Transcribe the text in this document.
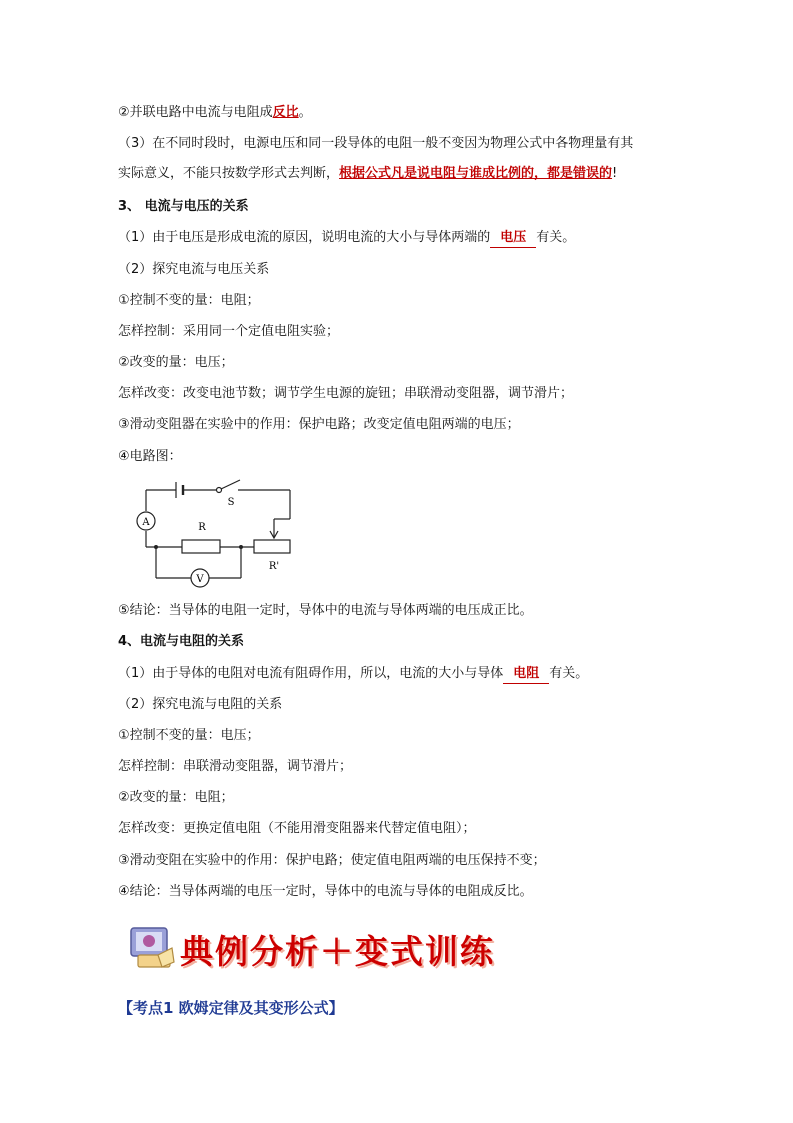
②并联电路中电流与电阻成反比。
（3）在不同时段时，电源电压和同一段导体的电阻一般不变因为物理公式中各物理量有其
实际意义，不能只按数学形式去判断，根据公式凡是说电阻与谁成比例的，都是错误的!
3、 电流与电压的关系
（1）由于电压是形成电流的原因，说明电流的大小与导体两端的 电压 有关。
（2）探究电流与电压关系
①控制不变的量：电阻；
怎样控制：采用同一个定值电阻实验；
②改变的量：电压；
怎样改变：改变电池节数；调节学生电源的旋钮；串联滑动变阻器，调节滑片；
③滑动变阻器在实验中的作用：保护电路；改变定值电阻两端的电压；
④电路图：
A
V
S
R
R'
⑤结论：当导体的电阻一定时，导体中的电流与导体两端的电压成正比。
4、电流与电阻的关系
（1）由于导体的电阻对电流有阻碍作用，所以，电流的大小与导体 电阻 有关。
（2）探究电流与电阻的关系
①控制不变的量：电压；
怎样控制：串联滑动变阻器，调节滑片；
②改变的量：电阻；
怎样改变：更换定值电阻（不能用滑变阻器来代替定值电阻）；
③滑动变阻在实验中的作用：保护电路；使定值电阻两端的电压保持不变；
④结论：当导体两端的电压一定时，导体中的电流与导体的电阻成反比。
典例分析＋变式训练
【考点1 欧姆定律及其变形公式】
